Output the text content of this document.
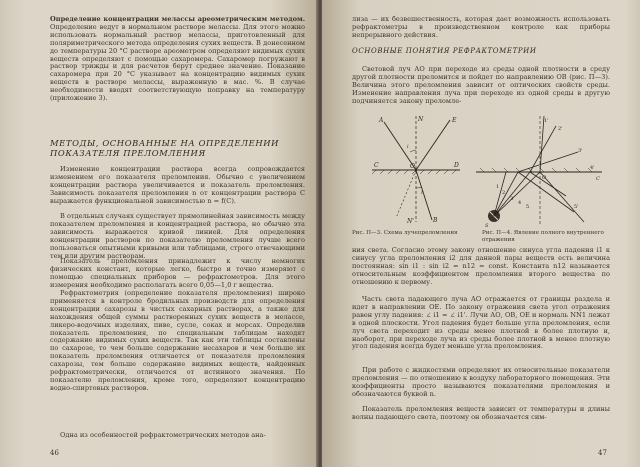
Определение концентрации мелассы ареометрическим методом. Определение ведут в нормальном растворе мелассы. Для этого можно использовать нормальный раствор мелассы, приготовленный для поляриметрического метода определения сухих веществ. В донесенном до температуры 20 °С растворе ареометром определяют видимых сухих веществ определяют с помощью сахаромера. Сахаромер погружают в раствор трижды и для расчетов берут среднее значение. Показание сахаромера при 20 °С указывает на концентрацию видимых сухих веществ в растворе мелассы, выраженную в мас. %. В случае необходимости вводят соответствующую поправку на температуру (приложение 3).
МЕТОДЫ, ОСНОВАННЫЕ НА ОПРЕДЕЛЕНИИ ПОКАЗАТЕЛЯ ПРЕЛОМЛЕНИЯ
Изменение концентрации раствора всегда сопровождается изменением его показателя преломления. Обычно с увеличением концентрации раствора увеличивается и показатель преломления. Зависимость показателя преломления n от концентрации раствора С выражается функциональной зависимостью n = f(C).
В отдельных случаях существует прямолинейная зависимость между показателем преломления и концентрацией раствора, но обычно эта зависимость выражается кривой линией. Для определения концентрации растворов по показателю преломления лучше всего пользоваться опытными кривыми или таблицами, строго отвечающими тем или другим растворам.
Показатель преломления принадлежит к числу немногих физических констант, которые легко, быстро и точно измеряют с помощью специальных приборов — рефрактометров. Для этого измерения необходимо располагать всего 0,05—1,0 г вещества.
Рефрактометрия (определение показателя преломления) широко применяется в контроле бродильных производств для определения концентрации сахарозы в чистых сахарных растворах, а также для нахождения общей суммы растворенных сухих веществ в мелассе, ликеро-водочных изделиях, пиве, сусле, соках и морсах. Определив показатель преломления, по специальным таблицам находят содержание видимых сухих веществ. Так как эти таблицы составлены по сахарозе, то чем больше содержание несахаров и чем больше их показатель преломления отличается от показателя преломления сахарозы, тем больше содержание видимых веществ, найденных рефрактометрически, отличается от истинного значения. По показателю преломления, кроме того, определяют концентрацию водно-спиртовых растворов.
Одна из особенностей рефрактометрических методов ана-
46
лиза — их безвешественность, которая дает возможность использовать рефрактометры в производственном контроле как приборы непрерывного действия.
ОСНОВНЫЕ ПОНЯТИЯ РЕФРАКТОМЕТРИИ
Световой луч АО при переходе из среды одной плотности в среду другой плотности преломится и пойдет по направлению ОВ (рис. П—3). Величина этого преломления зависит от оптических свойств среды. Изменение направления луча при переходе из одной среды в другую подчиняется закону преломле-
N
A
i
E
O
r
B
C	D
N'
1
2
3
4
5
O
1'
2'
3'
4'
5'
C
S
Рис. П—3. Схема лучепреломления	Рис. П—4. Явление полного внутреннего отражения
ния света. Согласно этому закону отношение синуса угла падения i1 к синусу угла преломления i2 для данной пары веществ есть величина постоянная: sin i1 : sin i2 = n12 = const. Константа n12 называется относительным коэффициентом преломления второго вещества по отношению к первому.
Часть света падающего луча АО отражается от границы раздела и идет в направлении ОЕ. По закону отражения света угол отражения равен углу падения: ∠ i1 = ∠ i1'. Лучи АО, ОВ, ОЕ и нормаль NN1 лежат в одной плоскости. Угол падения будет больше угла преломления, если луч света переходит из среды менее плотной в более плотную и, наоборот, при переходе луча из среды более плотной в менее плотную угол падения всегда будет меньше угла преломления.
При работе с жидкостями определяют их относительные показатели преломления — по отношению к воздуху лабораторного помещения. Эти коэффициенты просто называются показателями преломления и обозначаются буквой n.
Показатель преломления веществ зависит от температуры и длины волны падающего света, поэтому он обозначается сим-
47
